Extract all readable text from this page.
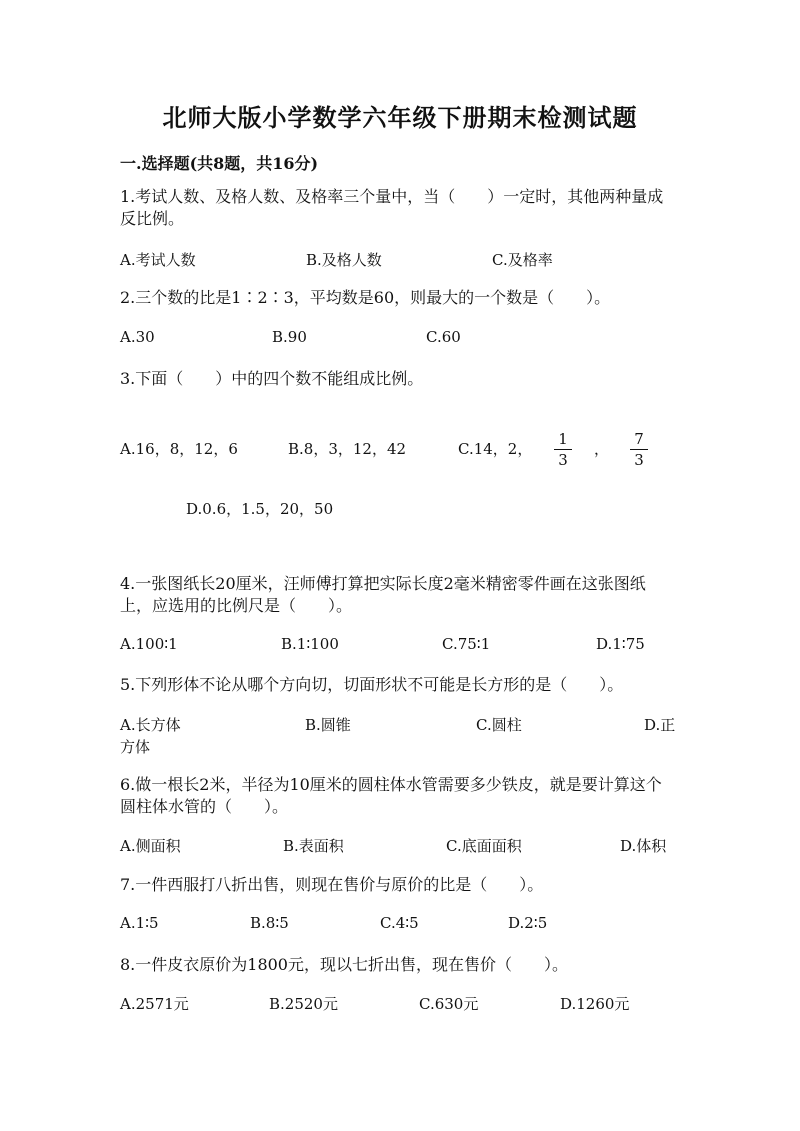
北师大版小学数学六年级下册期末检测试题
一.选择题(共8题，共16分)
1.考试人数、及格人数、及格率三个量中，当（　　）一定时，其他两种量成反比例。
A.考试人数	B.及格人数	C.及格率
2.三个数的比是1∶2∶3，平均数是60，则最大的一个数是（　　）。
A.30	B.90	C.60
3.下面（　　）中的四个数不能组成比例。
A.16，8，12，6	B.8，3，12，42	C.14，2，
1
3
，
7
3
D.0.6，1.5，20，50
4.一张图纸长20厘米，汪师傅打算把实际长度2毫米精密零件画在这张图纸上，应选用的比例尺是（　　）。
A.100∶1	B.1∶100	C.75∶1	D.1∶75
5.下列形体不论从哪个方向切，切面形状不可能是长方形的是（　　）。
A.长方体	B.圆锥	C.圆柱	D.正
方体
6.做一根长2米，半径为10厘米的圆柱体水管需要多少铁皮，就是要计算这个圆柱体水管的（　　）。
A.侧面积	B.表面积	C.底面面积	D.体积
7.一件西服打八折出售，则现在售价与原价的比是（　　）。
A.1∶5	B.8∶5	C.4∶5	D.2∶5
8.一件皮衣原价为1800元，现以七折出售，现在售价（　　）。
A.2571元	B.2520元	C.630元	D.1260元
